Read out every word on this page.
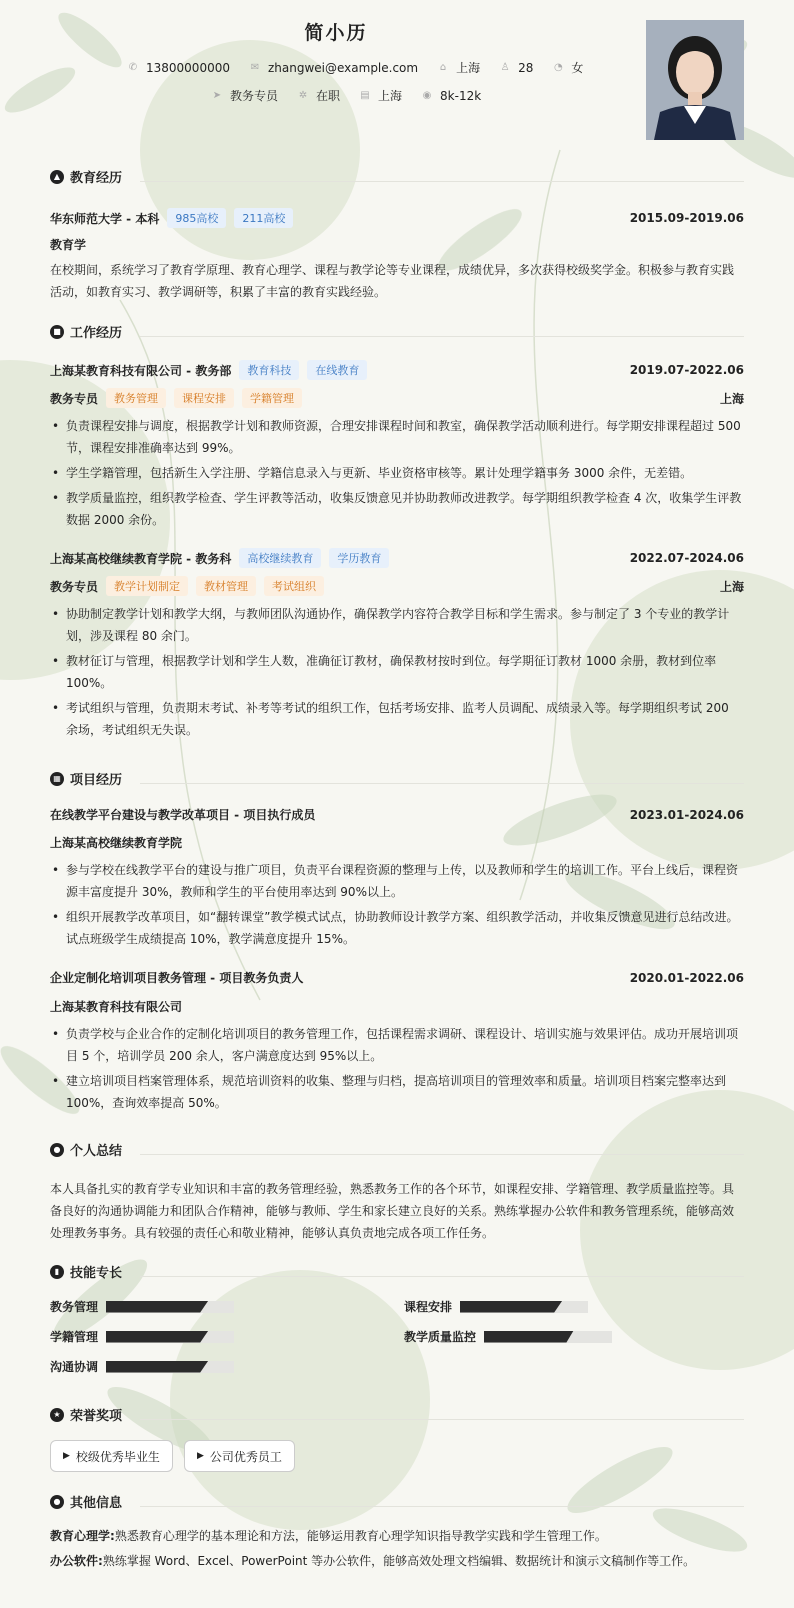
简小历
✆ 13800000000 ✉ zhangwei@example.com	⌂ 上海 ♙ 28 ◔ 女
➤ 教务专员 ✲ 在职 ▤ 上海 ◉ 8k-12k
▲ 教育经历
华东师范大学 - 本科	985高校	211高校	2015.09-2019.06
教育学
在校期间，系统学习了教育学原理、教育心理学、课程与教学论等专业课程，成绩优异，多次获得校级奖学金。积极参与教育实践活动，如教育实习、教学调研等，积累了丰富的教育实践经验。
■ 工作经历
上海某教育科技有限公司 - 教务部	教育科技	在线教育	2019.07-2022.06
教务专员	教务管理	课程安排	学籍管理	上海
• 负责课程安排与调度，根据教学计划和教师资源，合理安排课程时间和教室，确保教学活动顺利进行。每学期安排课程超过 500 节，课程安排准确率达到 99%。
• 学生学籍管理，包括新生入学注册、学籍信息录入与更新、毕业资格审核等。累计处理学籍事务 3000 余件，无差错。
• 教学质量监控，组织教学检查、学生评教等活动，收集反馈意见并协助教师改进教学。每学期组织教学检查 4 次，收集学生评教数据 2000 余份。
上海某高校继续教育学院 - 教务科	高校继续教育	学历教育	2022.07-2024.06
教务专员	教学计划制定	教材管理	考试组织	上海
• 协助制定教学计划和教学大纲，与教师团队沟通协作，确保教学内容符合教学目标和学生需求。参与制定了 3 个专业的教学计划，涉及课程 80 余门。
• 教材征订与管理，根据教学计划和学生人数，准确征订教材，确保教材按时到位。每学期征订教材 1000 余册，教材到位率 100%。
• 考试组织与管理，负责期末考试、补考等考试的组织工作，包括考场安排、监考人员调配、成绩录入等。每学期组织考试 200 余场，考试组织无失误。
▦ 项目经历
在线教学平台建设与教学改革项目 - 项目执行成员	2023.01-2024.06
上海某高校继续教育学院
• 参与学校在线教学平台的建设与推广项目，负责平台课程资源的整理与上传，以及教师和学生的培训工作。平台上线后，课程资源丰富度提升 30%，教师和学生的平台使用率达到 90%以上。
• 组织开展教学改革项目，如“翻转课堂”教学模式试点，协助教师设计教学方案、组织教学活动，并收集反馈意见进行总结改进。试点班级学生成绩提高 10%，教学满意度提升 15%。
企业定制化培训项目教务管理 - 项目教务负责人	2020.01-2022.06
上海某教育科技有限公司
• 负责学校与企业合作的定制化培训项目的教务管理工作，包括课程需求调研、课程设计、培训实施与效果评估。成功开展培训项目 5 个，培训学员 200 余人，客户满意度达到 95%以上。
• 建立培训项目档案管理体系，规范培训资料的收集、整理与归档，提高培训项目的管理效率和质量。培训项目档案完整率达到 100%，查询效率提高 50%。
● 个人总结
本人具备扎实的教育学专业知识和丰富的教务管理经验，熟悉教务工作的各个环节，如课程安排、学籍管理、教学质量监控等。具备良好的沟通协调能力和团队合作精神，能够与教师、学生和家长建立良好的关系。熟练掌握办公软件和教务管理系统，能够高效处理教务事务。具有较强的责任心和敬业精神，能够认真负责地完成各项工作任务。
▮ 技能专长
教务管理	课程安排
学籍管理	教学质量监控
沟通协调
★ 荣誉奖项
▶ 校级优秀毕业生	▶ 公司优秀员工
● 其他信息
教育心理学:熟悉教育心理学的基本理论和方法，能够运用教育心理学知识指导教学实践和学生管理工作。
办公软件:熟练掌握 Word、Excel、PowerPoint 等办公软件，能够高效处理文档编辑、数据统计和演示文稿制作等工作。
